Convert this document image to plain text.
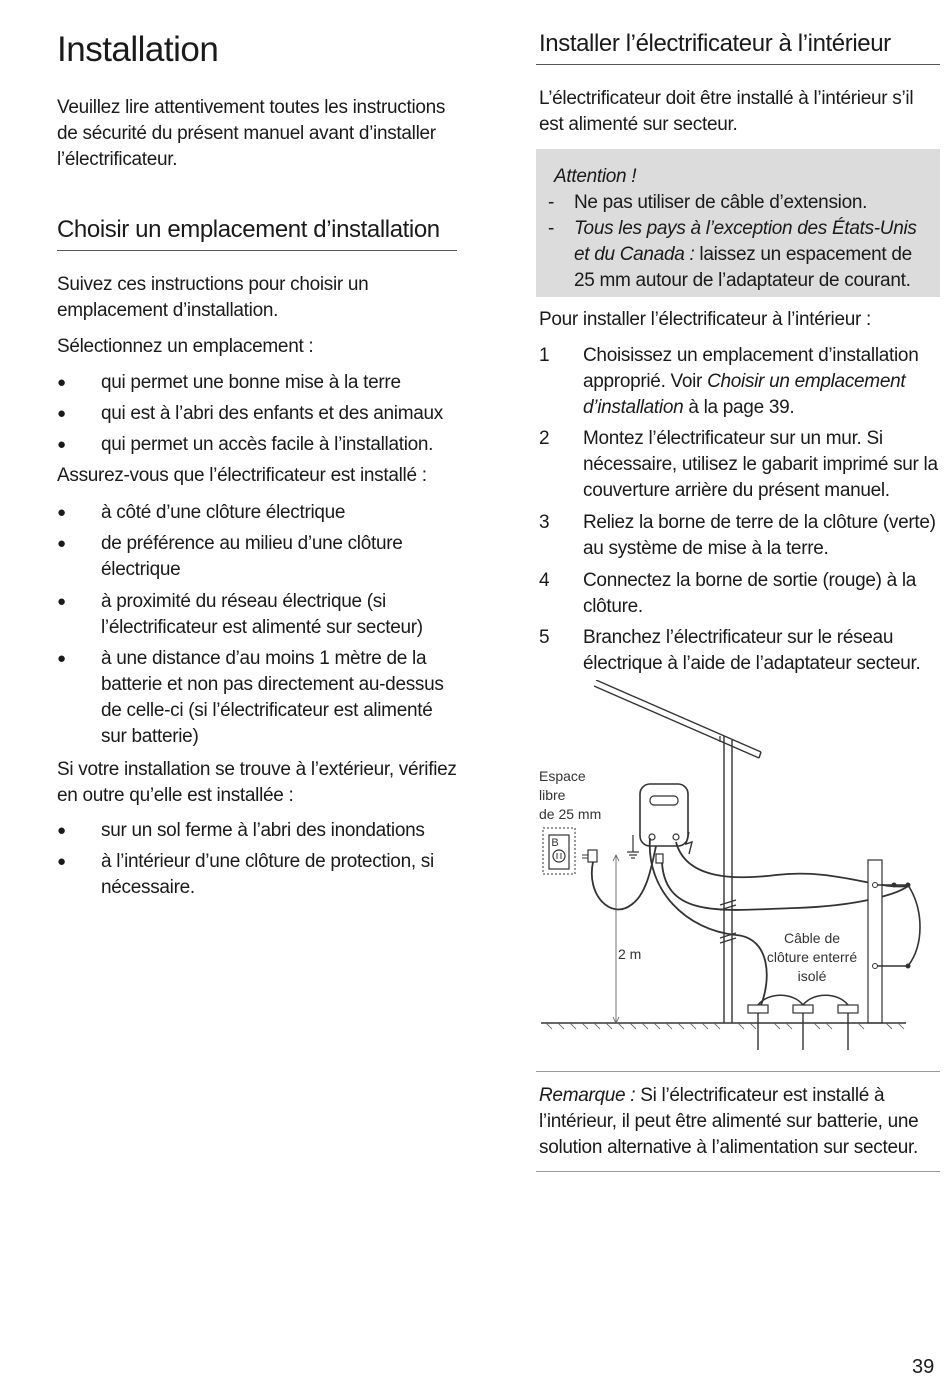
Installation

Veuillez lire attentivement toutes les instructions de sécurité du présent manuel avant d’installer l’électrificateur.

Choisir un emplacement d’installation

Suivez ces instructions pour choisir un emplacement d’installation.

Sélectionnez un emplacement :

● qui permet une bonne mise à la terre
● qui est à l’abri des enfants et des animaux
● qui permet un accès facile à l’installation.

Assurez-vous que l’électrificateur est installé :

● à côté d’une clôture électrique
● de préférence au milieu d’une clôture électrique
● à proximité du réseau électrique (si l’électrificateur est alimenté sur secteur)
● à une distance d’au moins 1 mètre de la batterie et non pas directement au-dessus de celle-ci (si l’électrificateur est alimenté sur batterie)

Si votre installation se trouve à l’extérieur, vérifiez en outre qu’elle est installée :

● sur un sol ferme à l’abri des inondations
● à l’intérieur d’une clôture de protection, si nécessaire.
Installer l’électrificateur à l’intérieur

L’électrificateur doit être installé à l’intérieur s’il est alimenté sur secteur.

Attention !
- Ne pas utiliser de câble d’extension.
- Tous les pays à l’exception des États-Unis
et du Canada : laissez un espacement de
25 mm autour de l’adaptateur de courant.

Pour installer l’électrificateur à l’intérieur :

1 Choisissez un emplacement d’installation approprié. Voir Choisir un emplacement d’installation à la page 39.
2 Montez l’électrificateur sur un mur. Si nécessaire, utilisez le gabarit imprimé sur la couverture arrière du présent manuel.
3 Reliez la borne de terre de la clôture (verte) au système de mise à la terre.
4 Connectez la borne de sortie (rouge) à la clôture.
5 Branchez l’électrificateur sur le réseau électrique à l’aide de l’adaptateur secteur.
B
Espace
libre
de 25 mm
2 m
Câble de
clôture enterré
isolé

Remarque : Si l’électrificateur est installé à l’intérieur, il peut être alimenté sur batterie, une solution alternative à l’alimentation sur secteur.

39
